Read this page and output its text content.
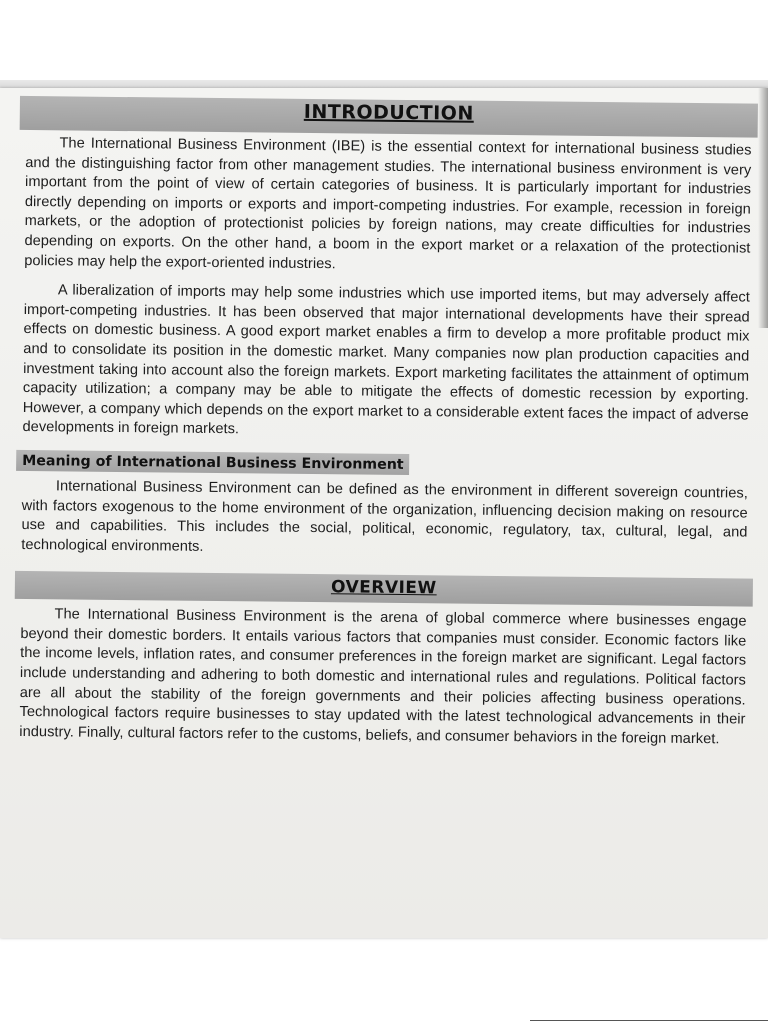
INTRODUCTION

The International Business Environment (IBE) is the essential context for international business studies and the distinguishing factor from other management studies. The international business environment is very important from the point of view of certain categories of business. It is particularly important for industries directly depending on imports or exports and import-competing industries. For example, recession in foreign markets, or the adoption of protectionist policies by foreign nations, may create difficulties for industries depending on exports. On the other hand, a boom in the export market or a relaxation of the protectionist policies may help the export-oriented industries.

A liberalization of imports may help some industries which use imported items, but may adversely affect import-competing industries. It has been observed that major international developments have their spread effects on domestic business. A good export market enables a firm to develop a more profitable product mix and to consolidate its position in the domestic market. Many companies now plan production capacities and investment taking into account also the foreign markets. Export marketing facilitates the attainment of optimum capacity utilization; a company may be able to mitigate the effects of domestic recession by exporting. However, a company which depends on the export market to a considerable extent faces the impact of adverse developments in foreign markets.

Meaning of International Business Environment

International Business Environment can be defined as the environment in different sovereign countries, with factors exogenous to the home environment of the organization, influencing decision making on resource use and capabilities. This includes the social, political, economic, regulatory, tax, cultural, legal, and technological environments.

OVERVIEW

The International Business Environment is the arena of global commerce where businesses engage beyond their domestic borders. It entails various factors that companies must consider. Economic factors like the income levels, inflation rates, and consumer preferences in the foreign market are significant. Legal factors include understanding and adhering to both domestic and international rules and regulations. Political factors are all about the stability of the foreign governments and their policies affecting business operations. Technological factors require businesses to stay updated with the latest technological advancements in their industry. Finally, cultural factors refer to the customs, beliefs, and consumer behaviors in the foreign market.
